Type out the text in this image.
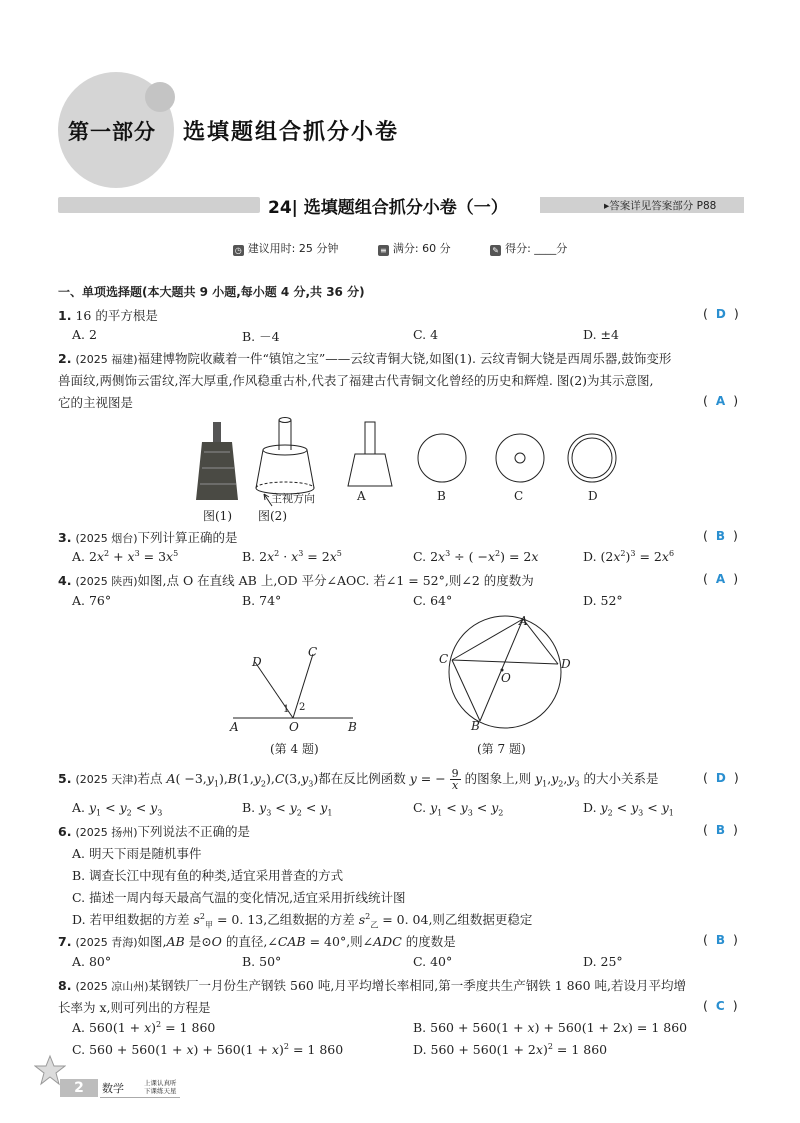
第一部分 选填题组合抓分小卷
24| 选填题组合抓分小卷（一）	▸答案详见答案部分 P88
◷ 建议用时: 25 分钟	≡ 满分: 60 分	✎ 得分: ____分
一、单项选择题(本大题共 9 小题,每小题 4 分,共 36 分)
1. 16 的平方根是	( D )
A. 2	B. －4	C. 4	D. ±4
2. (2025 福建)福建博物院收藏着一件“镇馆之宝”——云纹青铜大铙,如图(1). 云纹青铜大铙是西周乐器,鼓饰变形
兽面纹,两侧饰云雷纹,浑大厚重,作风稳重古朴,代表了福建古代青铜文化曾经的历史和辉煌. 图(2)为其示意图,
它的主视图是	( A )
主视方向	A	B	C	D
图(1) 图(2)
3. (2025 烟台)下列计算正确的是	( B )
A. $2x^2 + x^3 = 3x^5$	B. $2x^2 \cdot x^3 = 2x^5$	C. $2x^3$ ÷ ( $-x^2) = 2x$	D. $(2x^2)^3 = 2x^6$
4. (2025 陕西)如图,点 O 在直线 AB 上,OD 平分∠AOC. 若∠1 = 52°,则∠2 的度数为	( A )
A. 76°	B. 74°	C. 64°	D. 52°
D
C
A	O	B
1 2
(第 4 题)
A
C	D
O
B
(第 7 题)
5. (2025 天津)若点 $A( -3,y_1),B(1,y_2),C(3,y_3)$都在反比例函数 y = − $\frac{9}{x}$ 的图象上,则 $y_1,y_2,y_3$ 的大小关系是	( D )
A. $y_1 < y_2 < y_3$	B. $y_3 < y_2 < y_1$	C. $y_1 < y_3 < y_2$	D. $y_2 < y_3 < y_1$
6. (2025 扬州)下列说法不正确的是	( B )
A. 明天下雨是随机事件
B. 调查长江中现有鱼的种类,适宜采用普查的方式
C. 描述一周内每天最高气温的变化情况,适宜采用折线统计图
D. 若甲组数据的方差 $s^2_甲 = 0$. 13,乙组数据的方差 $s^2_乙 = 0$. 04,则乙组数据更稳定
7. (2025 青海)如图,AB 是⊙O 的直径,∠CAB = 40°,则∠ADC 的度数是	( B )
A. 80°	B. 50°	C. 40°	D. 25°
8. (2025 凉山州)某钢铁厂一月份生产钢铁 560 吨,月平均增长率相同,第一季度共生产钢铁 1 860 吨,若设月平均增
长率为 x,则可列出的方程是	( C )
A. $560(1 + x)^2 = 1$ 860	B. 560 + 560(1 + x) + 560(1 + 2x) = 1 860
C. $560 + 560(1 + x) + 560(1 + x)^2 = 1$ 860	D. $560 + 560(1 + 2x)^2 = 1$ 860
2	数学	上课认真听
下课练天星
